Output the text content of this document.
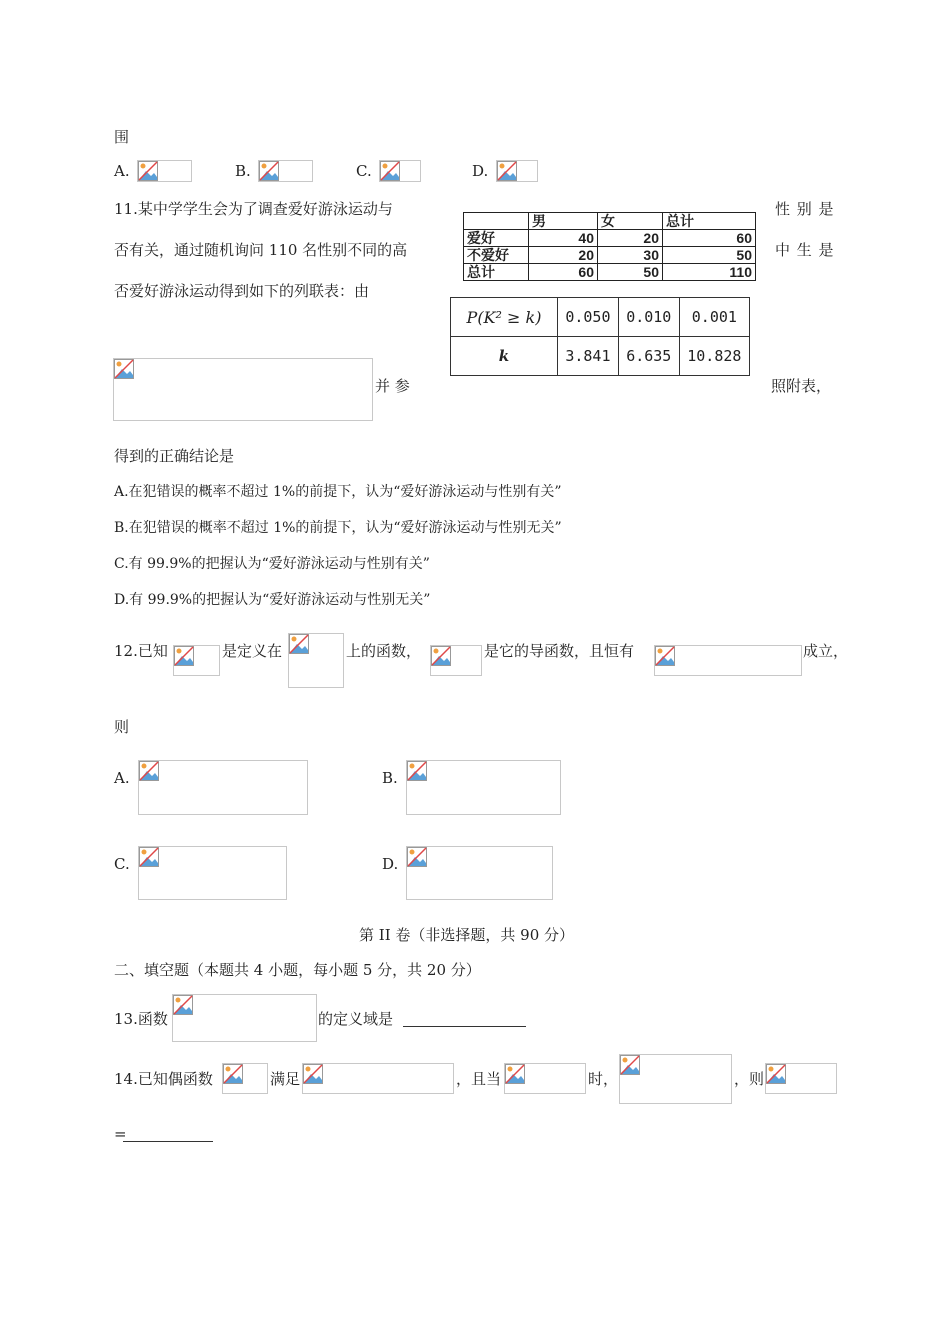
围
A.	B.	C.	D.
11.某中学学生会为了调查爱好游泳运动与	性 别 是
否有关，通过随机询问 110 名性别不同的高	中 生 是
否爱好游泳运动得到如下的列联表：由
	男	女	总计
爱好	40	20	60
不爱好	20	30	50
总计	60	50	110
P(K² ≥ k)	0.050	0.010	0.001
k	3.841	6.635	10.828
并 参	照附表，
得到的正确结论是
A.在犯错误的概率不超过 1%的前提下，认为“爱好游泳运动与性别有关”
B.在犯错误的概率不超过 1%的前提下，认为“爱好游泳运动与性别无关”
C.有 99.9%的把握认为“爱好游泳运动与性别有关”
D.有 99.9%的把握认为“爱好游泳运动与性别无关”
12.已知	是定义在	上的函数，	是它的导函数，且恒有	成立，
则
A.	B.
C.	D.
第 II 卷（非选择题，共 90 分）
二、填空题（本题共 4 小题，每小题 5 分，共 20 分）
13.函数	的定义域是
14.已知偶函数	满足	，且当	时，	，则
=
